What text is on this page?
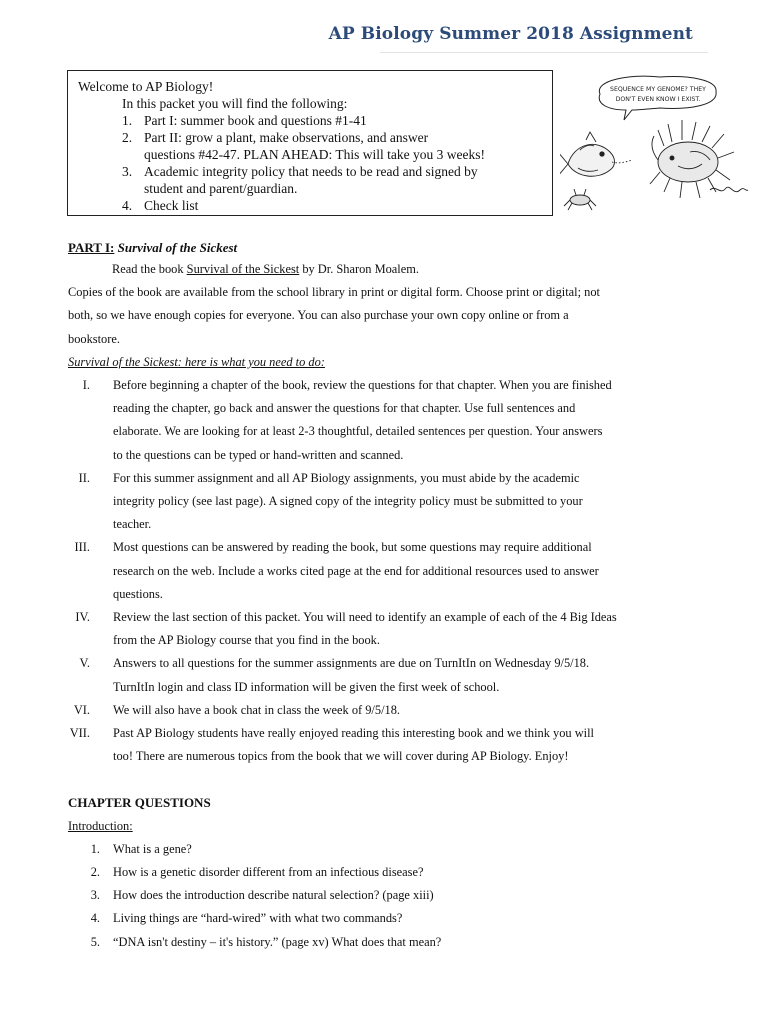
AP Biology Summer 2018 Assignment
Welcome to AP Biology!
In this packet you will find the following:
1. Part I: summer book and questions #1-41
2. Part II: grow a plant, make observations, and answer
questions #42-47. PLAN AHEAD: This will take you 3 weeks!
3. Academic integrity policy that needs to be read and signed by
student and parent/guardian.
4. Check list
SEQUENCE MY GENOME? THEY
DON'T EVEN KNOW I EXIST.
PART I: Survival of the Sickest
Read the book Survival of the Sickest by Dr. Sharon Moalem.
Copies of the book are available from the school library in print or digital form. Choose print or digital; not
both, so we have enough copies for everyone. You can also purchase your own copy online or from a
bookstore.
Survival of the Sickest: here is what you need to do:
I. Before beginning a chapter of the book, review the questions for that chapter. When you are finished
reading the chapter, go back and answer the questions for that chapter. Use full sentences and
elaborate. We are looking for at least 2-3 thoughtful, detailed sentences per question. Your answers
to the questions can be typed or hand-written and scanned.
II. For this summer assignment and all AP Biology assignments, you must abide by the academic
integrity policy (see last page). A signed copy of the integrity policy must be submitted to your
teacher.
III. Most questions can be answered by reading the book, but some questions may require additional
research on the web. Include a works cited page at the end for additional resources used to answer
questions.
IV. Review the last section of this packet. You will need to identify an example of each of the 4 Big Ideas
from the AP Biology course that you find in the book.
V. Answers to all questions for the summer assignments are due on TurnItIn on Wednesday 9/5/18.
TurnItIn login and class ID information will be given the first week of school.
VI. We will also have a book chat in class the week of 9/5/18.
VII. Past AP Biology students have really enjoyed reading this interesting book and we think you will
too! There are numerous topics from the book that we will cover during AP Biology. Enjoy!
CHAPTER QUESTIONS
Introduction:
1. What is a gene?
2. How is a genetic disorder different from an infectious disease?
3. How does the introduction describe natural selection? (page xiii)
4. Living things are “hard-wired” with what two commands?
5. “DNA isn't destiny – it's history.” (page xv) What does that mean?
